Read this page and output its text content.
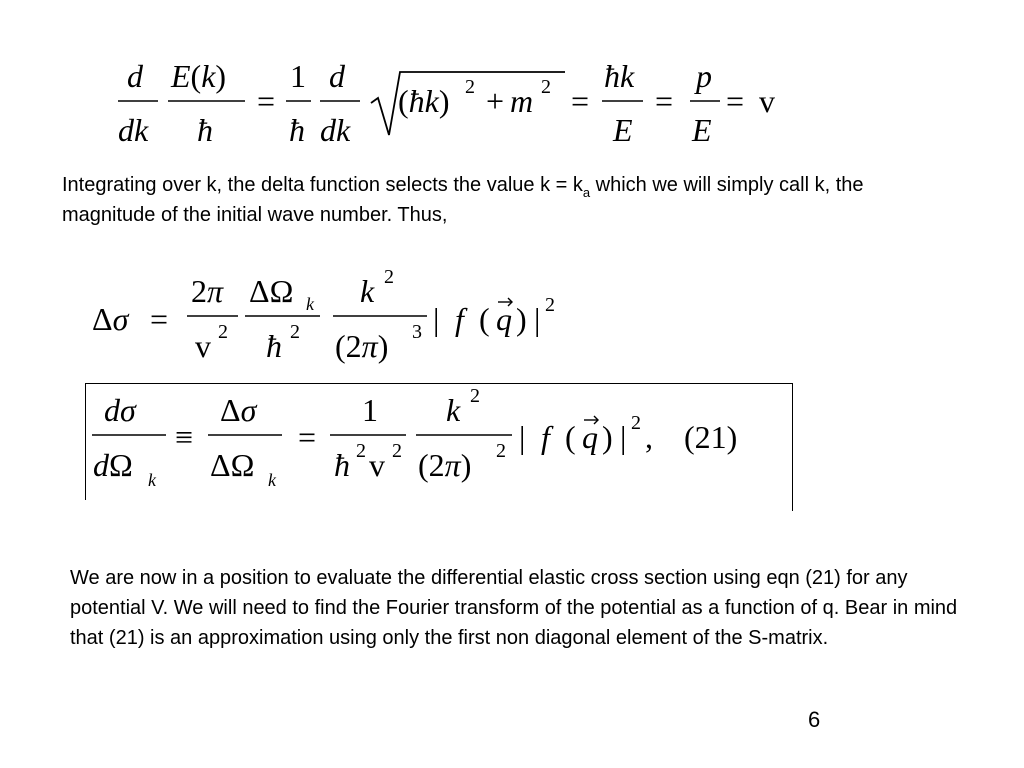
d
dk
E(k)
ħ
=
1
ħ
d
dk
(ħk) 2 + m 2 =
ħk
E
=
p
E
= v

Integrating over k, the delta function selects the value $k = k_a$ which we will simply call k, the magnitude of the initial wave number. Thus,

Δσ =
2π
v 2
ΔΩ k
ħ 2
k 2
(2π) 3 | f ( q ) | 2
dσ
dΩ k
≡
Δσ
ΔΩ k
=
1
ħ 2 v 2
k 2
(2π) 2 | f ( q ) | 2 , (21)

We are now in a position to evaluate the differential elastic cross section using eqn (21) for any potential V. We will need to find the Fourier transform of the potential as a function of q. Bear in mind that (21) is an approximation using only the first non diagonal element of the S-matrix.

6
